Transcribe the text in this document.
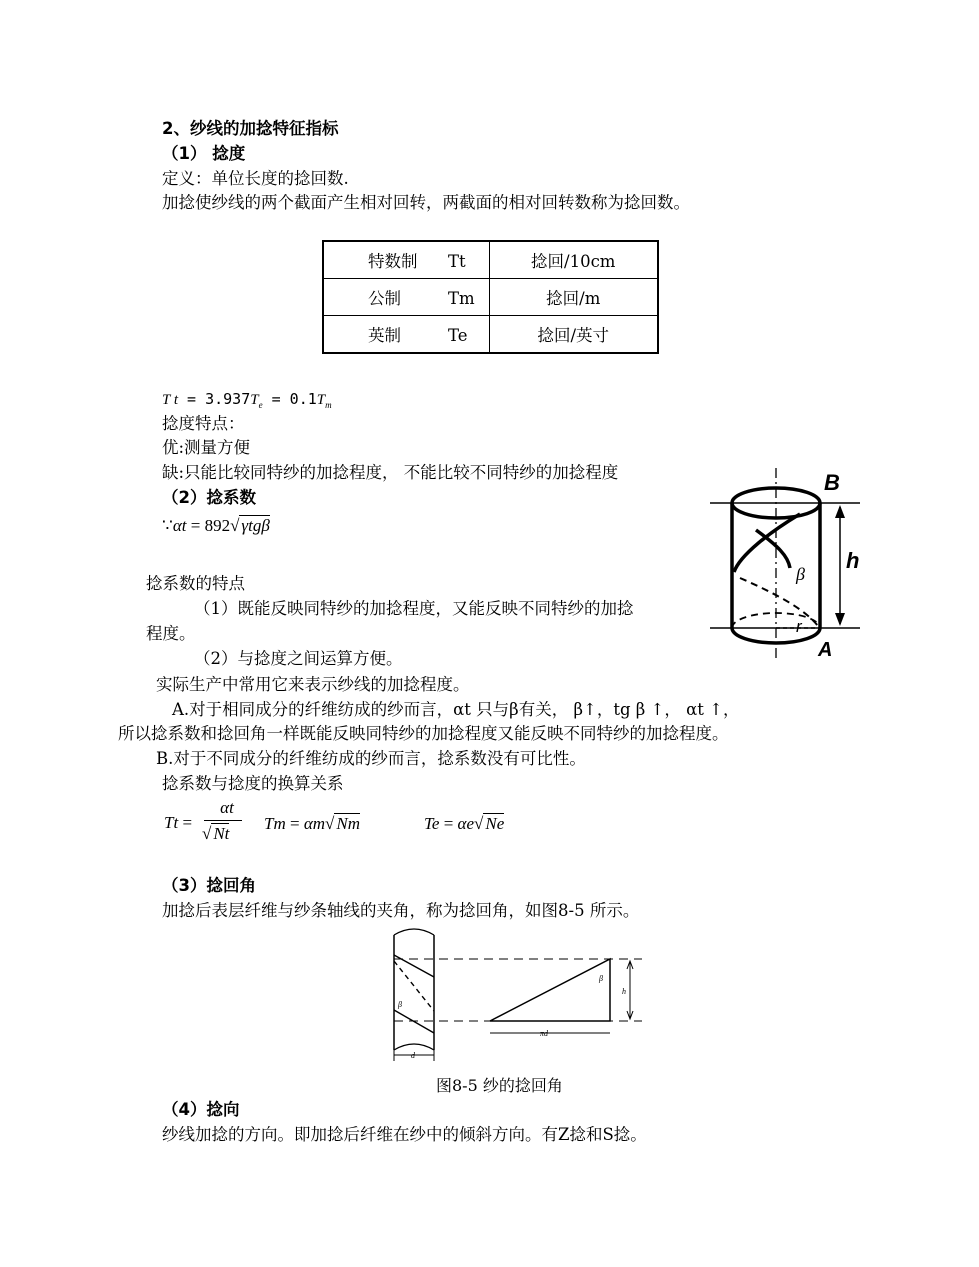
2、纱线的加捻特征指标
（1） 捻度
定义：单位长度的捻回数.
加捻使纱线的两个截面产生相对回转，两截面的相对回转数称为捻回数。
特数制 Tt	捻回/10cm
公制 Tm	捻回/m
英制 Te	捻回/英寸
T $t = 3.937T_e = 0.1T_m$
捻度特点：
优:测量方便
缺:只能比较同特纱的加捻程度， 不能比较不同特纱的加捻程度
（2）捻系数
∵αt = 892√ γtgβ
捻系数的特点
（1）既能反映同特纱的加捻程度，又能反映不同特纱的加捻
程度。
（2）与捻度之间运算方便。
实际生产中常用它来表示纱线的加捻程度。
A.对于相同成分的纤维纺成的纱而言，αt 只与β有关， β↑，tg β ↑， αt ↑，
所以捻系数和捻回角一样既能反映同特纱的加捻程度又能反映不同特纱的加捻程度。
B.对于不同成分的纤维纺成的纱而言，捻系数没有可比性。
捻系数与捻度的换算关系
Tt =
αt
√ Nt
Tm = αm√ Nm	Te = αe√ Ne
B
h
β
r
A
（3）捻回角
加捻后表层纤维与纱条轴线的夹角，称为捻回角，如图8-5 所示。
β
β
h
πd
d
图8-5 纱的捻回角
（4）捻向
纱线加捻的方向。即加捻后纤维在纱中的倾斜方向。有Z捻和S捻。
